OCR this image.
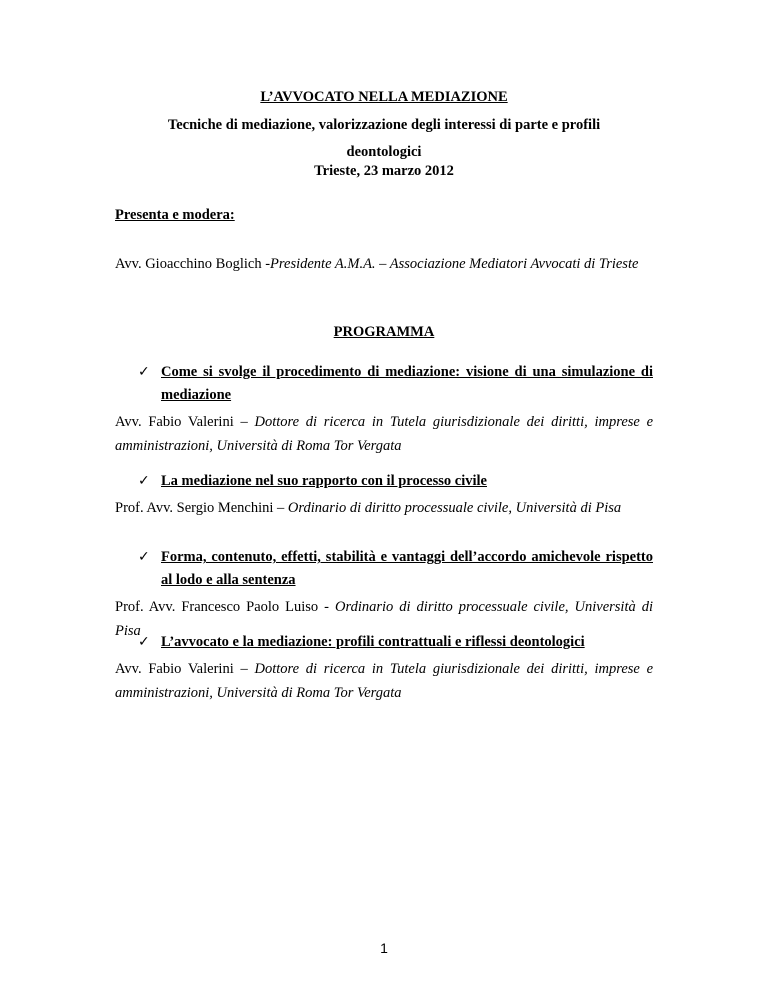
L’AVVOCATO NELLA MEDIAZIONE
Tecniche di mediazione, valorizzazione degli interessi di parte e profili
deontologici
Trieste, 23 marzo 2012
Presenta e modera:
Avv. Gioacchino Boglich -Presidente A.M.A. – Associazione Mediatori Avvocati di Trieste
PROGRAMMA
✓ Come si svolge il procedimento di mediazione: visione di una simulazione di mediazione
Avv. Fabio Valerini – Dottore di ricerca in Tutela giurisdizionale dei diritti, imprese e amministrazioni, Università di Roma Tor Vergata
✓ La mediazione nel suo rapporto con il processo civile
Prof. Avv. Sergio Menchini – Ordinario di diritto processuale civile, Università di Pisa
✓ Forma, contenuto, effetti, stabilità e vantaggi dell’accordo amichevole rispetto al lodo e alla sentenza
Prof. Avv. Francesco Paolo Luiso - Ordinario di diritto processuale civile, Università di Pisa
✓ L’avvocato e la mediazione: profili contrattuali e riflessi deontologici
Avv. Fabio Valerini – Dottore di ricerca in Tutela giurisdizionale dei diritti, imprese e amministrazioni, Università di Roma Tor Vergata
1
